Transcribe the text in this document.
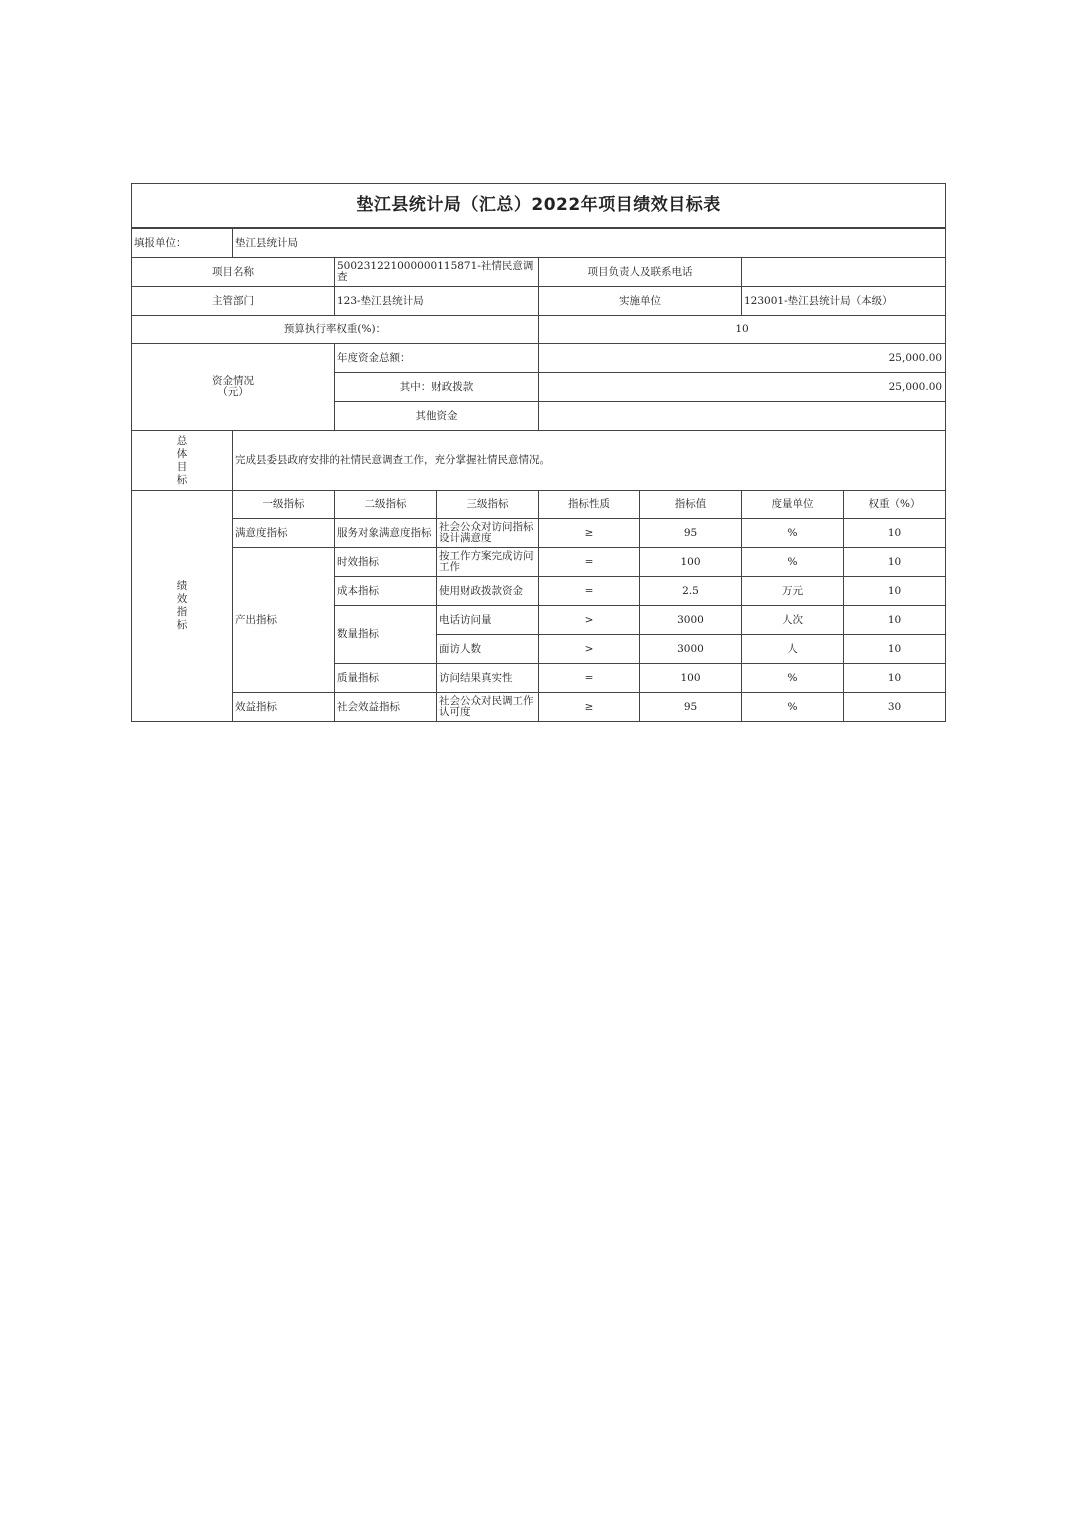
垫江县统计局（汇总）2022年项目绩效目标表							
填报单位：	垫江县统计局						
项目名称		500231221000000115871-社情民意调查		项目负责人及联系电话			
主管部门		123-垫江县统计局		实施单位		123001-垫江县统计局（本级）	
预算执行率权重(%)：				10			
资金情况
（元）		年度资金总额：		25,000.00			
		其中：财政拨款		25,000.00			
		其他资金					

总
体
目
标	完成县委县政府安排的社情民意调查工作，充分掌握社情民意情况。						

绩
效
指
标	一级指标	二级指标	三级指标	指标性质	指标值	度量单位	权重（%）
	满意度指标	服务对象满意度指标	社会公众对访问指标设计满意度	≥	95	%	10
	产出指标	时效指标	按工作方案完成访问工作	=	100	%	10
		成本指标	使用财政拨款资金	=	2.5	万元	10
		数量指标	电话访问量	>	3000	人次	10
			面访人数	>	3000	人	10
		质量指标	访问结果真实性	=	100	%	10
	效益指标	社会效益指标	社会公众对民调工作认可度	≥	95	%	30
